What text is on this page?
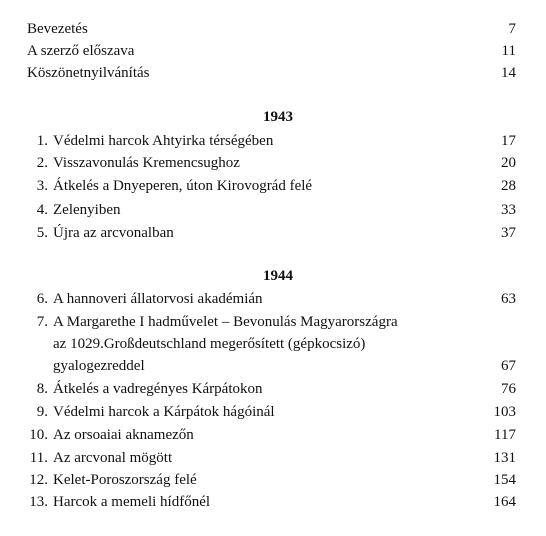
Bevezetés	7
A szerző előszava	11
Köszönetnyilvánítás	14
1943
1. Védelmi harcok Ahtyirka térségében	17
2. Visszavonulás Kremencsughoz	20
3. Átkelés a Dnyeperen, úton Kirovográd felé	28
4. Zelenyiben	33
5. Újra az arcvonalban	37
1944
6. A hannoveri állatorvosi akadémián	63
7. A Margarethe I hadművelet – Bevonulás Magyarországra
az 1029.Großdeutschland megerősített (gépkocsizó)
gyalogezreddel	67
8. Átkelés a vadregényes Kárpátokon	76
9. Védelmi harcok a Kárpátok hágóinál	103
10. Az orsoaiai aknamezőn	117
11. Az arcvonal mögött	131
12. Kelet-Poroszország felé	154
13. Harcok a memeli hídfőnél	164
